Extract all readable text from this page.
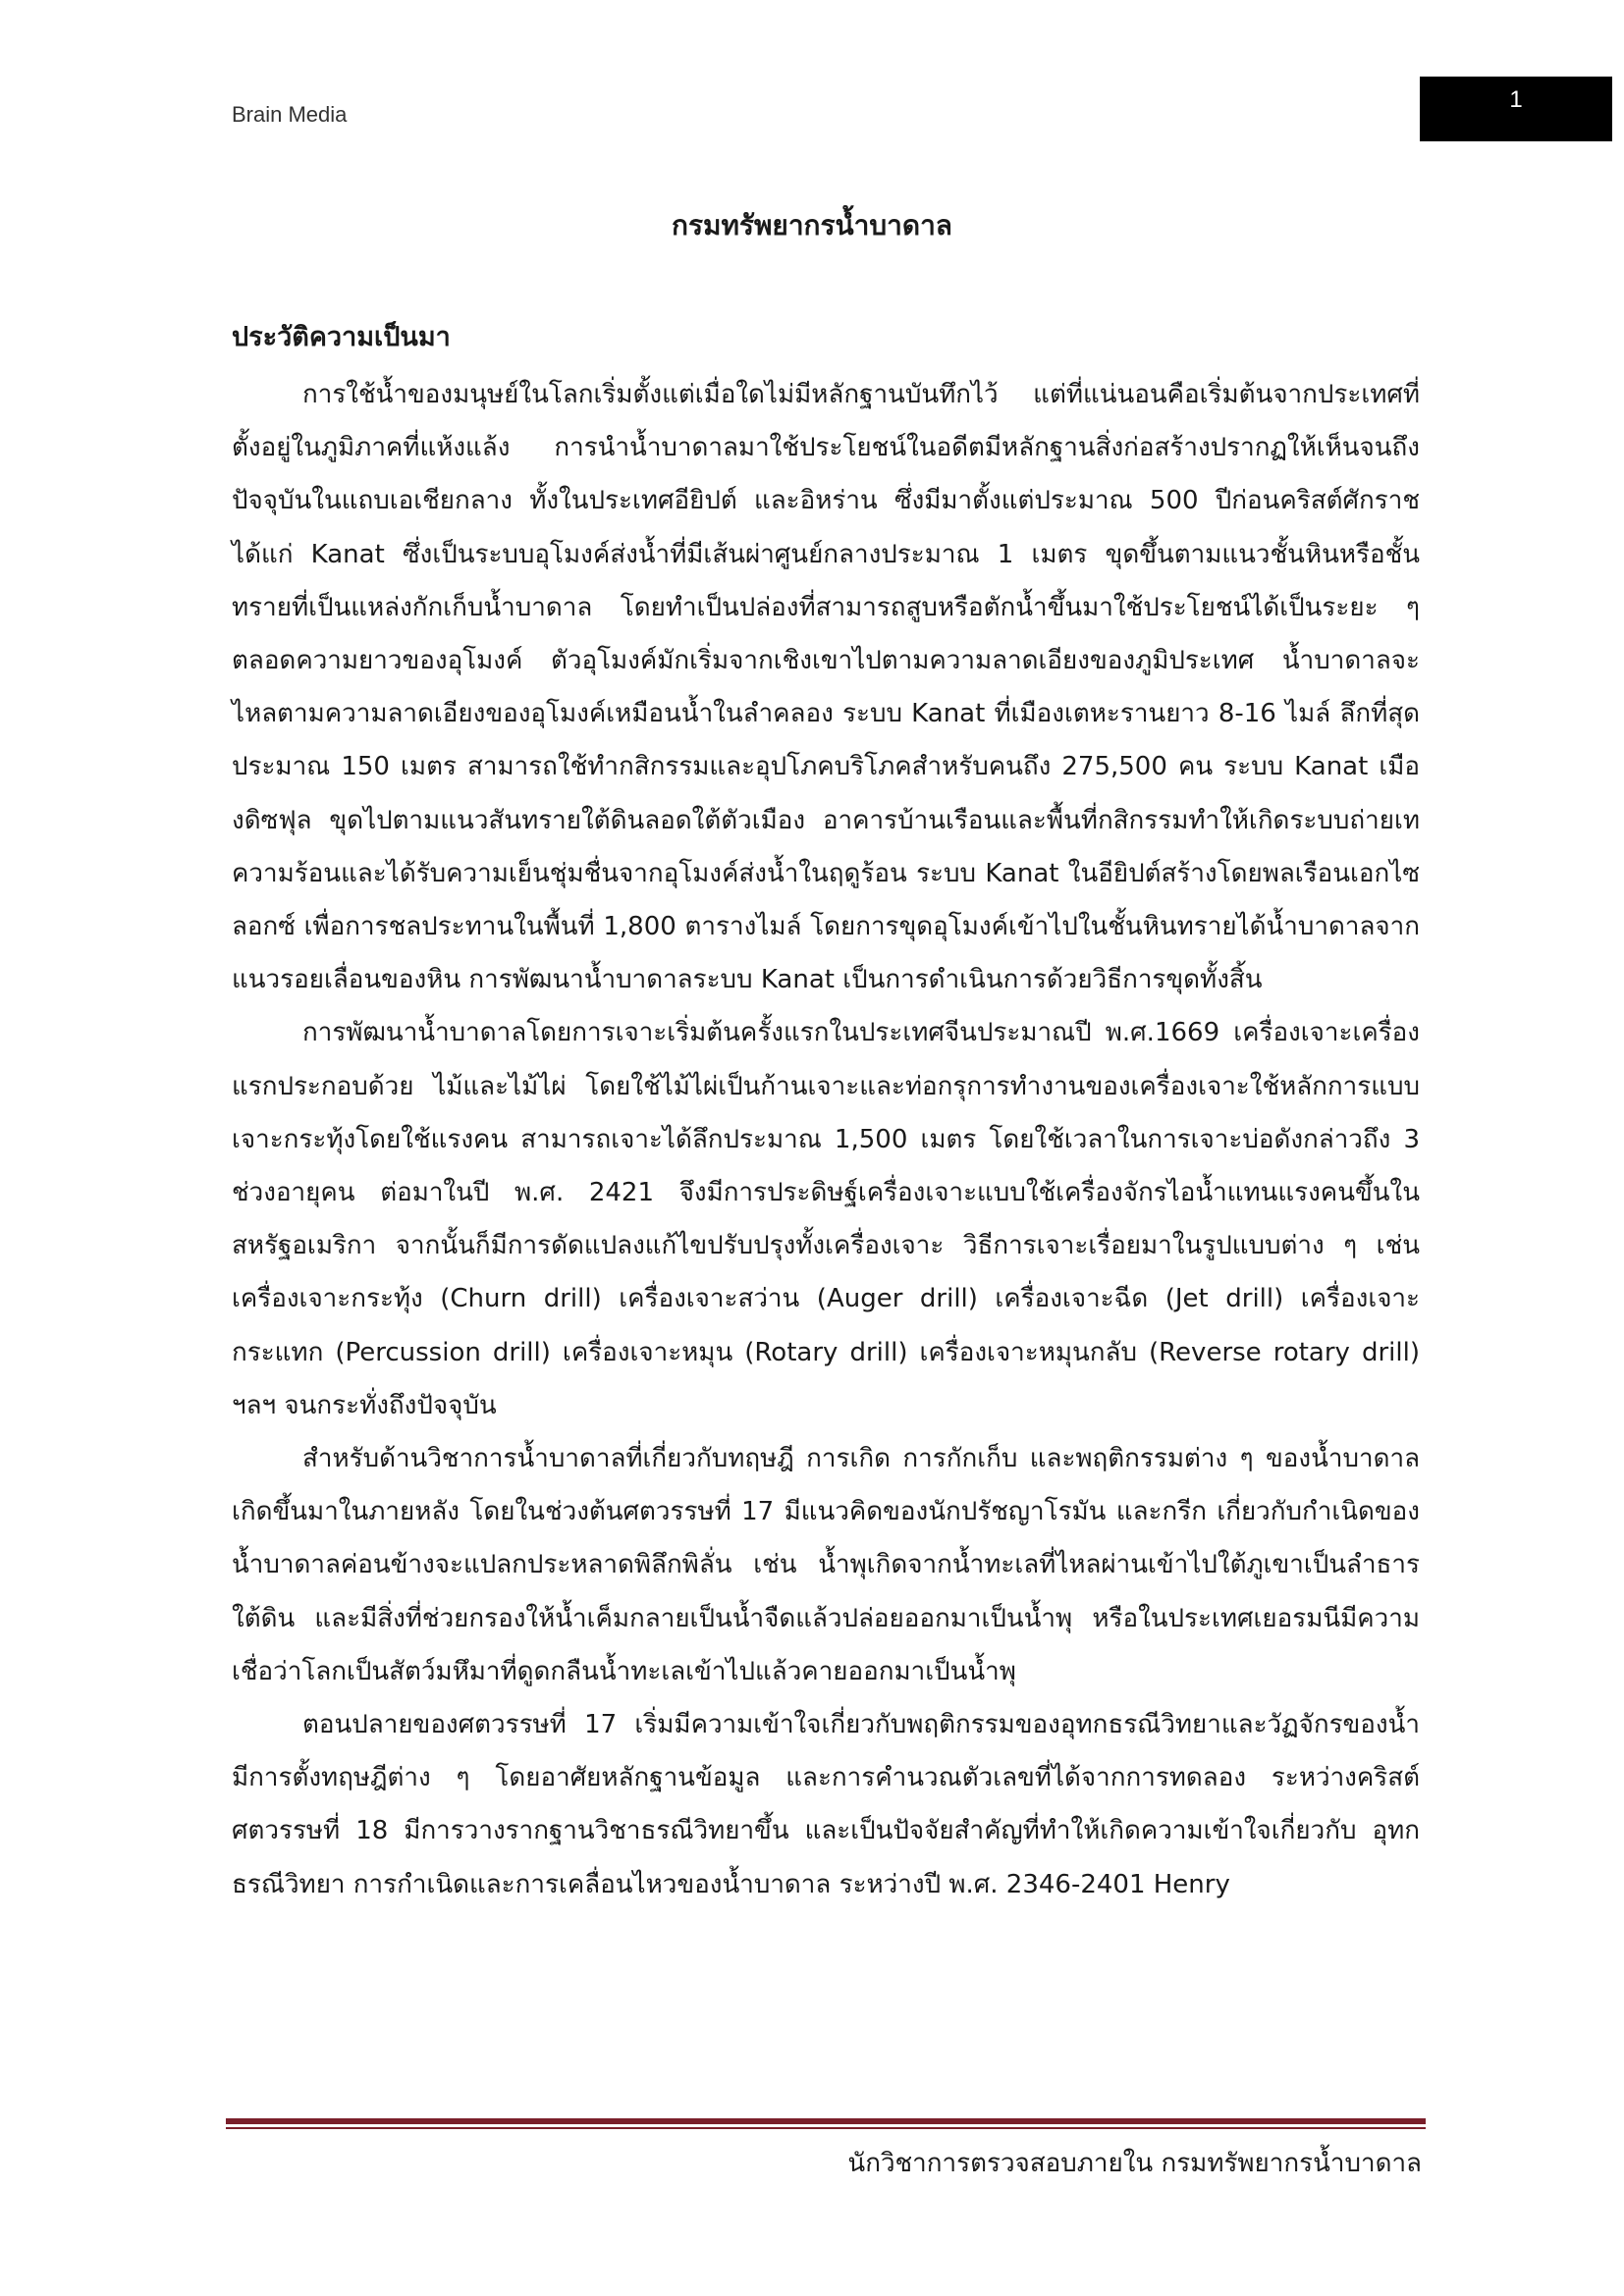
Brain Media
1
กรมทรัพยากรน้ำบาดาล
ประวัติความเป็นมา

การใช้น้ำของมนุษย์ในโลกเริ่มตั้งแต่เมื่อใดไม่มีหลักฐานบันทึกไว้ แต่ที่แน่นอนคือเริ่มต้นจากประเทศที่ตั้งอยู่ในภูมิภาคที่แห้งแล้ง การนำน้ำบาดาลมาใช้ประโยชน์ในอดีตมีหลักฐานสิ่งก่อสร้างปรากฏให้เห็นจนถึงปัจจุบันในแถบเอเชียกลาง ทั้งในประเทศอียิปต์ และอิหร่าน ซึ่งมีมาตั้งแต่ประมาณ 500 ปีก่อนคริสต์ศักราช ได้แก่ Kanat ซึ่งเป็นระบบอุโมงค์ส่งน้ำที่มีเส้นผ่าศูนย์กลางประมาณ 1 เมตร ขุดขึ้นตามแนวชั้นหินหรือชั้นทรายที่เป็นแหล่งกักเก็บน้ำบาดาล โดยทำเป็นปล่องที่สามารถสูบหรือตักน้ำขึ้นมาใช้ประโยชน์ได้เป็นระยะ ๆ ตลอดความยาวของอุโมงค์ ตัวอุโมงค์มักเริ่มจากเชิงเขาไปตามความลาดเอียงของภูมิประเทศ น้ำบาดาลจะไหลตามความลาดเอียงของอุโมงค์เหมือนน้ำในลำคลอง ระบบ Kanat ที่เมืองเตหะรานยาว 8-16 ไมล์ ลึกที่สุดประมาณ 150 เมตร สามารถใช้ทำกสิกรรมและอุปโภคบริโภคสำหรับคนถึง 275,500 คน ระบบ Kanat เมืองดิซฟุล ขุดไปตามแนวสันทรายใต้ดินลอดใต้ตัวเมือง อาคารบ้านเรือนและพื้นที่กสิกรรมทำให้เกิดระบบถ่ายเทความร้อนและได้รับความเย็นชุ่มชื่นจากอุโมงค์ส่งน้ำในฤดูร้อน ระบบ Kanat ในอียิปต์สร้างโดยพลเรือนเอกไซลอกซ์ เพื่อการชลประทานในพื้นที่ 1,800 ตารางไมล์ โดยการขุดอุโมงค์เข้าไปในชั้นหินทรายได้น้ำบาดาลจากแนวรอยเลื่อนของหิน การพัฒนาน้ำบาดาลระบบ Kanat เป็นการดำเนินการด้วยวิธีการขุดทั้งสิ้น

การพัฒนาน้ำบาดาลโดยการเจาะเริ่มต้นครั้งแรกในประเทศจีนประมาณปี พ.ศ.1669 เครื่องเจาะเครื่องแรกประกอบด้วย ไม้และไม้ไผ่ โดยใช้ไม้ไผ่เป็นก้านเจาะและท่อกรุการทำงานของเครื่องเจาะใช้หลักการแบบเจาะกระทุ้งโดยใช้แรงคน สามารถเจาะได้ลึกประมาณ 1,500 เมตร โดยใช้เวลาในการเจาะบ่อดังกล่าวถึง 3 ช่วงอายุคน ต่อมาในปี พ.ศ. 2421 จึงมีการประดิษฐ์เครื่องเจาะแบบใช้เครื่องจักรไอน้ำแทนแรงคนขึ้นในสหรัฐอเมริกา จากนั้นก็มีการดัดแปลงแก้ไขปรับปรุงทั้งเครื่องเจาะ วิธีการเจาะเรื่อยมาในรูปแบบต่าง ๆ เช่น เครื่องเจาะกระทุ้ง (Churn drill) เครื่องเจาะสว่าน (Auger drill) เครื่องเจาะฉีด (Jet drill) เครื่องเจาะกระแทก (Percussion drill) เครื่องเจาะหมุน (Rotary drill) เครื่องเจาะหมุนกลับ (Reverse rotary drill) ฯลฯ จนกระทั่งถึงปัจจุบัน

สำหรับด้านวิชาการน้ำบาดาลที่เกี่ยวกับทฤษฎี การเกิด การกักเก็บ และพฤติกรรมต่าง ๆ ของน้ำบาดาลเกิดขึ้นมาในภายหลัง โดยในช่วงต้นศตวรรษที่ 17 มีแนวคิดของนักปรัชญาโรมัน และกรีก เกี่ยวกับกำเนิดของน้ำบาดาลค่อนข้างจะแปลกประหลาดพิลึกพิลั่น เช่น น้ำพุเกิดจากน้ำทะเลที่ไหลผ่านเข้าไปใต้ภูเขาเป็นลำธารใต้ดิน และมีสิ่งที่ช่วยกรองให้น้ำเค็มกลายเป็นน้ำจืดแล้วปล่อยออกมาเป็นน้ำพุ หรือในประเทศเยอรมนีมีความเชื่อว่าโลกเป็นสัตว์มหึมาที่ดูดกลืนน้ำทะเลเข้าไปแล้วคายออกมาเป็นน้ำพุ

ตอนปลายของศตวรรษที่ 17 เริ่มมีความเข้าใจเกี่ยวกับพฤติกรรมของอุทกธรณีวิทยาและวัฏจักรของน้ำ มีการตั้งทฤษฎีต่าง ๆ โดยอาศัยหลักฐานข้อมูล และการคำนวณตัวเลขที่ได้จากการทดลอง ระหว่างคริสต์ศตวรรษที่ 18 มีการวางรากฐานวิชาธรณีวิทยาขึ้น และเป็นปัจจัยสำคัญที่ทำให้เกิดความเข้าใจเกี่ยวกับ อุทกธรณีวิทยา การกำเนิดและการเคลื่อนไหวของน้ำบาดาล ระหว่างปี พ.ศ. 2346-2401 Henry

นักวิชาการตรวจสอบภายใน กรมทรัพยากรน้ำบาดาล
